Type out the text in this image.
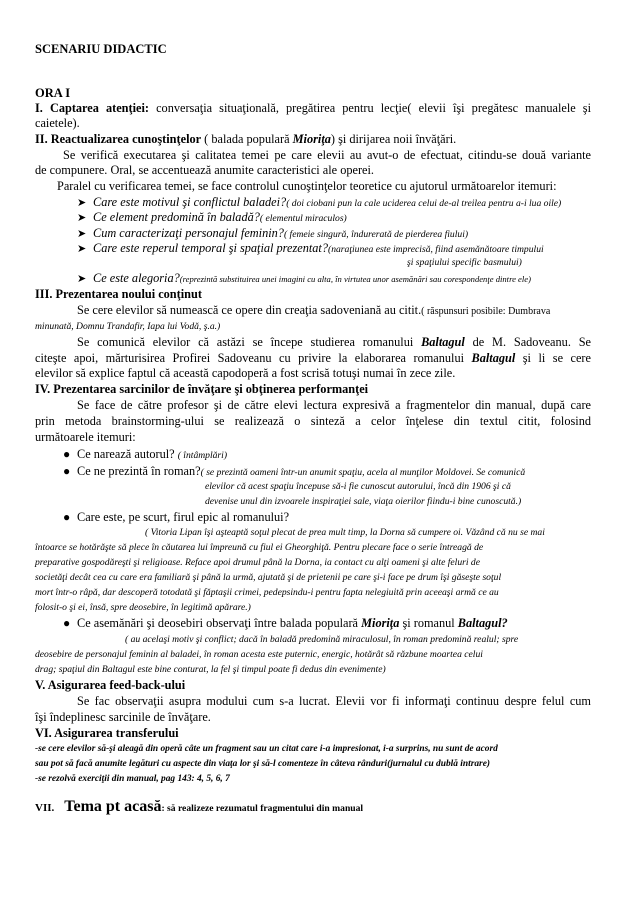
SCENARIU DIDACTIC
ORA I
I. Captarea atenţiei: conversaţia situaţională, pregătirea pentru lecţie( elevii îşi pregătesc manualele şi
caietele).
II. Reactualizarea cunoştinţelor ( balada populară Mioriţa) şi dirijarea noii învăţări.
Se verifică executarea şi calitatea temei pe care elevii au avut-o de efectuat, citindu-se două variante
de compunere. Oral, se accentuează anumite caracteristici ale operei.
Paralel cu verificarea temei, se face controlul cunoştinţelor teoretice cu ajutorul următoarelor itemuri:
➤ Care este motivul şi conflictul baladei?( doi ciobani pun la cale uciderea celui de-al treilea pentru a-i lua oile)
➤ Ce element predomină în baladă?( elementul miraculos)
➤ Cum caracterizaţi personajul feminin?( femeie singură, îndurerată de pierderea fiului)
➤ Care este reperul temporal şi spaţial prezentat?(naraţiunea este imprecisă, fiind asemănătoare timpului
şi spaţiului specific basmului)
➤ Ce este alegoria?(reprezintă substituirea unei imagini cu alta, în virtutea unor asemănări sau corespondenţe dintre ele)
III. Prezentarea noului conţinut
Se cere elevilor să numească ce opere din creaţia sadoveniană au citit.( răspunsuri posibile: Dumbrava
minunată, Domnu Trandafir, Iapa lui Vodă, ş.a.)
Se comunică elevilor că astăzi se începe studierea romanului Baltagul de M. Sadoveanu. Se
citeşte apoi, mărturisirea Profirei Sadoveanu cu privire la elaborarea romanului Baltagul şi li se cere
elevilor să explice faptul că această capodoperă a fost scrisă totuşi numai în zece zile.
IV. Prezentarea sarcinilor de învăţare şi obţinerea performanţei
Se face de către profesor şi de către elevi lectura expresivă a fragmentelor din manual, după care
prin metoda brainstorming-ului se realizează o sinteză a celor înţelese din textul citit, folosind
următoarele itemuri:
● Ce narează autorul? ( întâmplări)
● Ce ne prezintă în roman?( se prezintă oameni într-un anumit spaţiu, acela al munţilor Moldovei. Se comunică
elevilor că acest spaţiu începuse să-i fie cunoscut autorului, încă din 1906 şi că
devenise unul din izvoarele inspiraţiei sale, viaţa oierilor fiindu-i bine cunoscută.)
● Care este, pe scurt, firul epic al romanului?
( Vitoria Lipan îşi aşteaptă soţul plecat de prea mult timp, la Dorna să cumpere oi. Văzând că nu se mai
întoarce se hotărăşte să plece în căutarea lui împreună cu fiul ei Gheorghiţă. Pentru plecare face o serie întreagă de
preparative gospodăreşti şi religioase. Reface apoi drumul până la Dorna, ia contact cu alţi oameni şi alte feluri de
societăţi decât cea cu care era familiară şi până la urmă, ajutată şi de prietenii pe care şi-i face pe drum îşi găseşte soţul
mort într-o râpă, dar descoperă totodată şi făptaşii crimei, pedepsindu-i pentru fapta nelegiuită prin aceeaşi armă ce au
folosit-o şi ei, însă, spre deosebire, în legitimă apărare.)
● Ce asemănări şi deosebiri observaţi între balada populară Mioriţa şi romanul Baltagul?
( au acelaşi motiv şi conflict; dacă în baladă predomină miraculosul, în roman predomină realul; spre
deosebire de personajul feminin al baladei, în roman acesta este puternic, energic, hotărât să răzbune moartea celui
drag; spaţiul din Baltagul este bine conturat, la fel şi timpul poate fi dedus din evenimente)
V. Asigurarea feed-back-ului
Se fac observaţii asupra modului cum s-a lucrat. Elevii vor fi informaţi continuu despre felul cum
îşi îndeplinesc sarcinile de învăţare.
VI. Asigurarea transferului
-se cere elevilor să-şi aleagă din operă câte un fragment sau un citat care i-a impresionat, i-a surprins, nu sunt de acord
sau pot să facă anumite legături cu aspecte din viaţa lor şi să-l comenteze în câteva rânduri(jurnalul cu dublă intrare)
-se rezolvă exerciţii din manual, pag 143: 4, 5, 6, 7
VII. Tema pt acasă: să realizeze rezumatul fragmentului din manual
